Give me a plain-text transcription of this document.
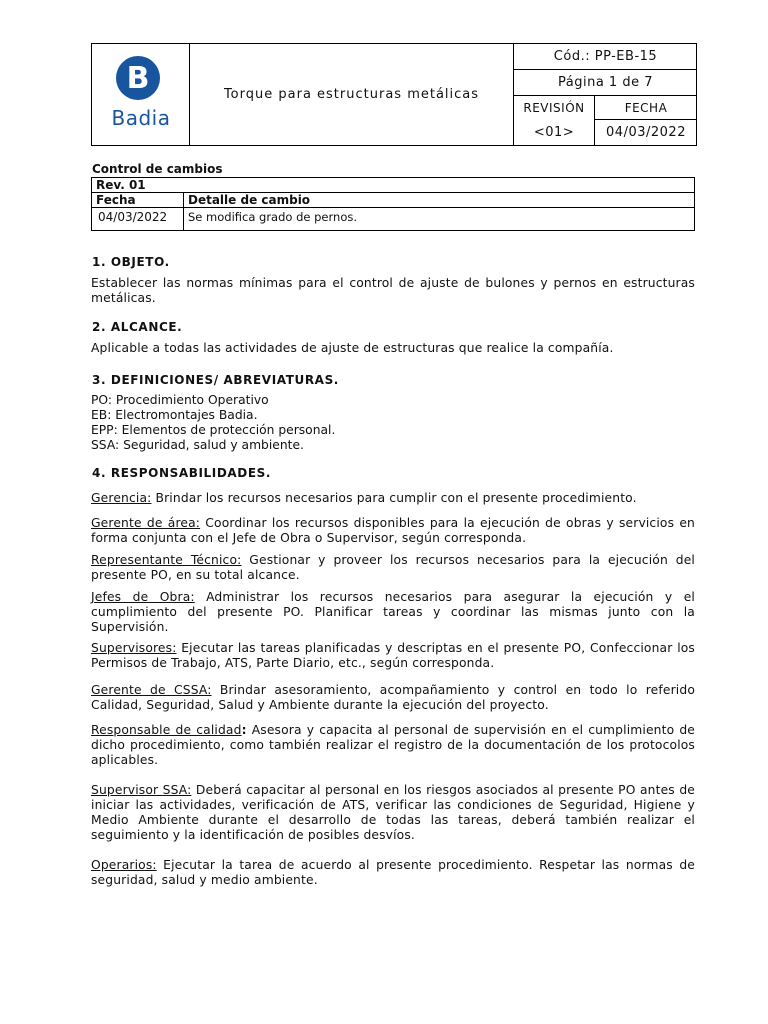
B
Badia
Torque para estructuras metálicas
Cód.: PP-EB-15
Página 1 de 7
REVISIÓN	FECHA
<01>	04/03/2022
Control de cambios
Rev. 01
Fecha	Detalle de cambio
04/03/2022	Se modifica grado de pernos.
1. OBJETO.
Establecer las normas mínimas para el control de ajuste de bulones y pernos en estructuras metálicas.
2. ALCANCE.
Aplicable a todas las actividades de ajuste de estructuras que realice la compañía.
3. DEFINICIONES/ ABREVIATURAS.
PO: Procedimiento Operativo
EB: Electromontajes Badia.
EPP: Elementos de protección personal.
SSA: Seguridad, salud y ambiente.
4. RESPONSABILIDADES.
Gerencia: Brindar los recursos necesarios para cumplir con el presente procedimiento.
Gerente de área: Coordinar los recursos disponibles para la ejecución de obras y servicios en forma conjunta con el Jefe de Obra o Supervisor, según corresponda.
Representante Técnico: Gestionar y proveer los recursos necesarios para la ejecución del presente PO, en su total alcance.
Jefes de Obra: Administrar los recursos necesarios para asegurar la ejecución y el cumplimiento del presente PO. Planificar tareas y coordinar las mismas junto con la Supervisión.
Supervisores: Ejecutar las tareas planificadas y descriptas en el presente PO, Confeccionar los Permisos de Trabajo, ATS, Parte Diario, etc., según corresponda.
Gerente de CSSA: Brindar asesoramiento, acompañamiento y control en todo lo referido Calidad, Seguridad, Salud y Ambiente durante la ejecución del proyecto.
Responsable de calidad: Asesora y capacita al personal de supervisión en el cumplimiento de dicho procedimiento, como también realizar el registro de la documentación de los protocolos aplicables.
Supervisor SSA: Deberá capacitar al personal en los riesgos asociados al presente PO antes de iniciar las actividades, verificación de ATS, verificar las condiciones de Seguridad, Higiene y Medio Ambiente durante el desarrollo de todas las tareas, deberá también realizar el seguimiento y la identificación de posibles desvíos.
Operarios: Ejecutar la tarea de acuerdo al presente procedimiento. Respetar las normas de seguridad, salud y medio ambiente.
